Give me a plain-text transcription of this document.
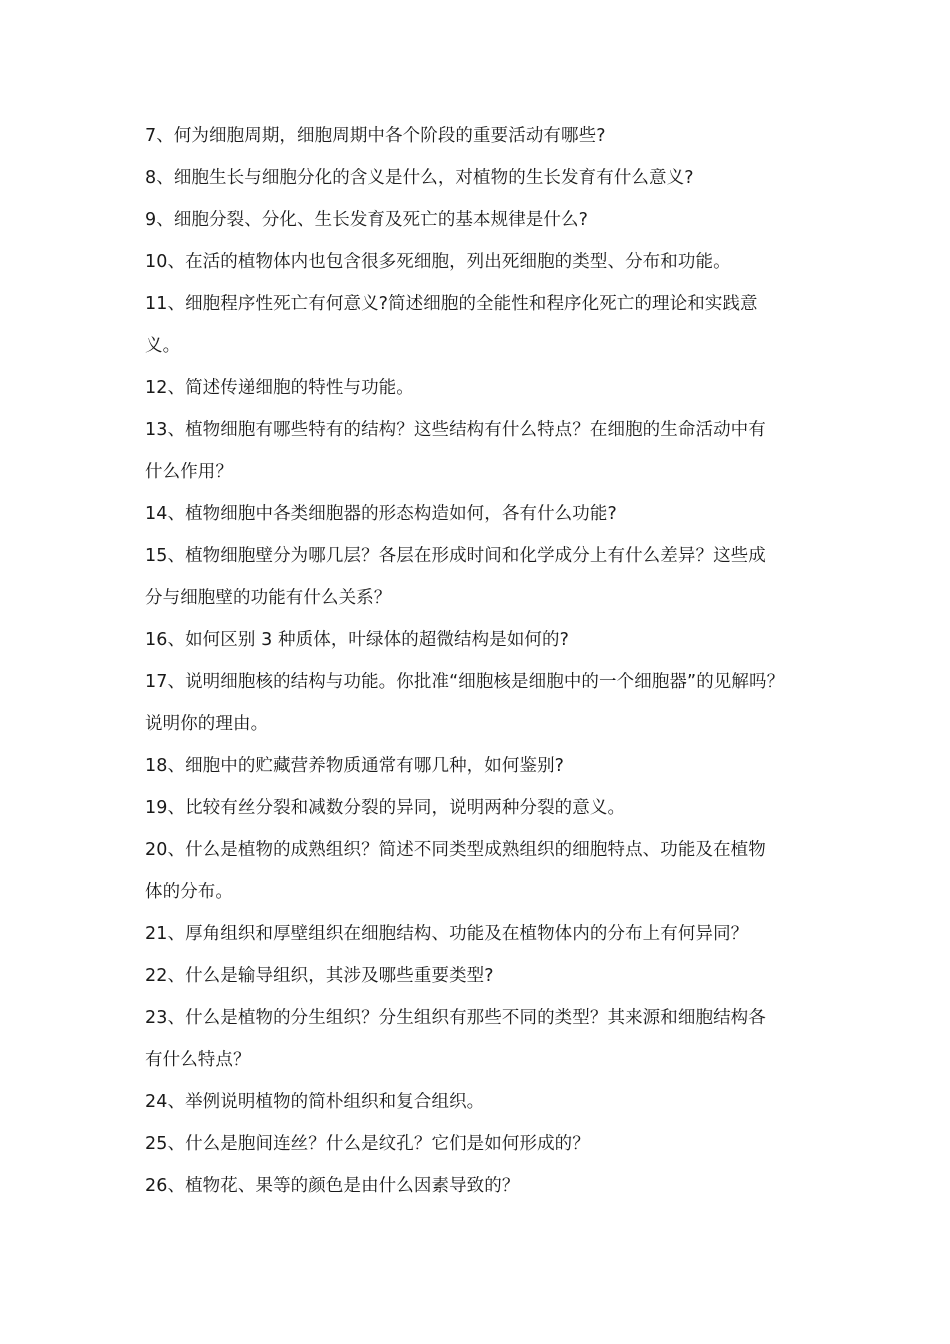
7、何为细胞周期，细胞周期中各个阶段的重要活动有哪些?
8、细胞生长与细胞分化的含义是什么，对植物的生长发育有什么意义?
9、细胞分裂、分化、生长发育及死亡的基本规律是什么?
10、在活的植物体内也包含很多死细胞，列出死细胞的类型、分布和功能。
11、细胞程序性死亡有何意义?简述细胞的全能性和程序化死亡的理论和实践意
义。
12、简述传递细胞的特性与功能。
13、植物细胞有哪些特有的结构？这些结构有什么特点？在细胞的生命活动中有
什么作用？
14、植物细胞中各类细胞器的形态构造如何，各有什么功能?
15、植物细胞壁分为哪几层？各层在形成时间和化学成分上有什么差异？这些成
分与细胞壁的功能有什么关系？
16、如何区别 3 种质体，叶绿体的超微结构是如何的?
17、说明细胞核的结构与功能。你批准“细胞核是细胞中的一个细胞器”的见解吗？
说明你的理由。
18、细胞中的贮藏营养物质通常有哪几种，如何鉴别?
19、比较有丝分裂和减数分裂的异同，说明两种分裂的意义。
20、什么是植物的成熟组织？简述不同类型成熟组织的细胞特点、功能及在植物
体的分布。
21、厚角组织和厚壁组织在细胞结构、功能及在植物体内的分布上有何异同？
22、什么是输导组织，其涉及哪些重要类型?
23、什么是植物的分生组织？分生组织有那些不同的类型？其来源和细胞结构各
有什么特点？
24、举例说明植物的简朴组织和复合组织。
25、什么是胞间连丝？什么是纹孔？它们是如何形成的？
26、植物花、果等的颜色是由什么因素导致的？
